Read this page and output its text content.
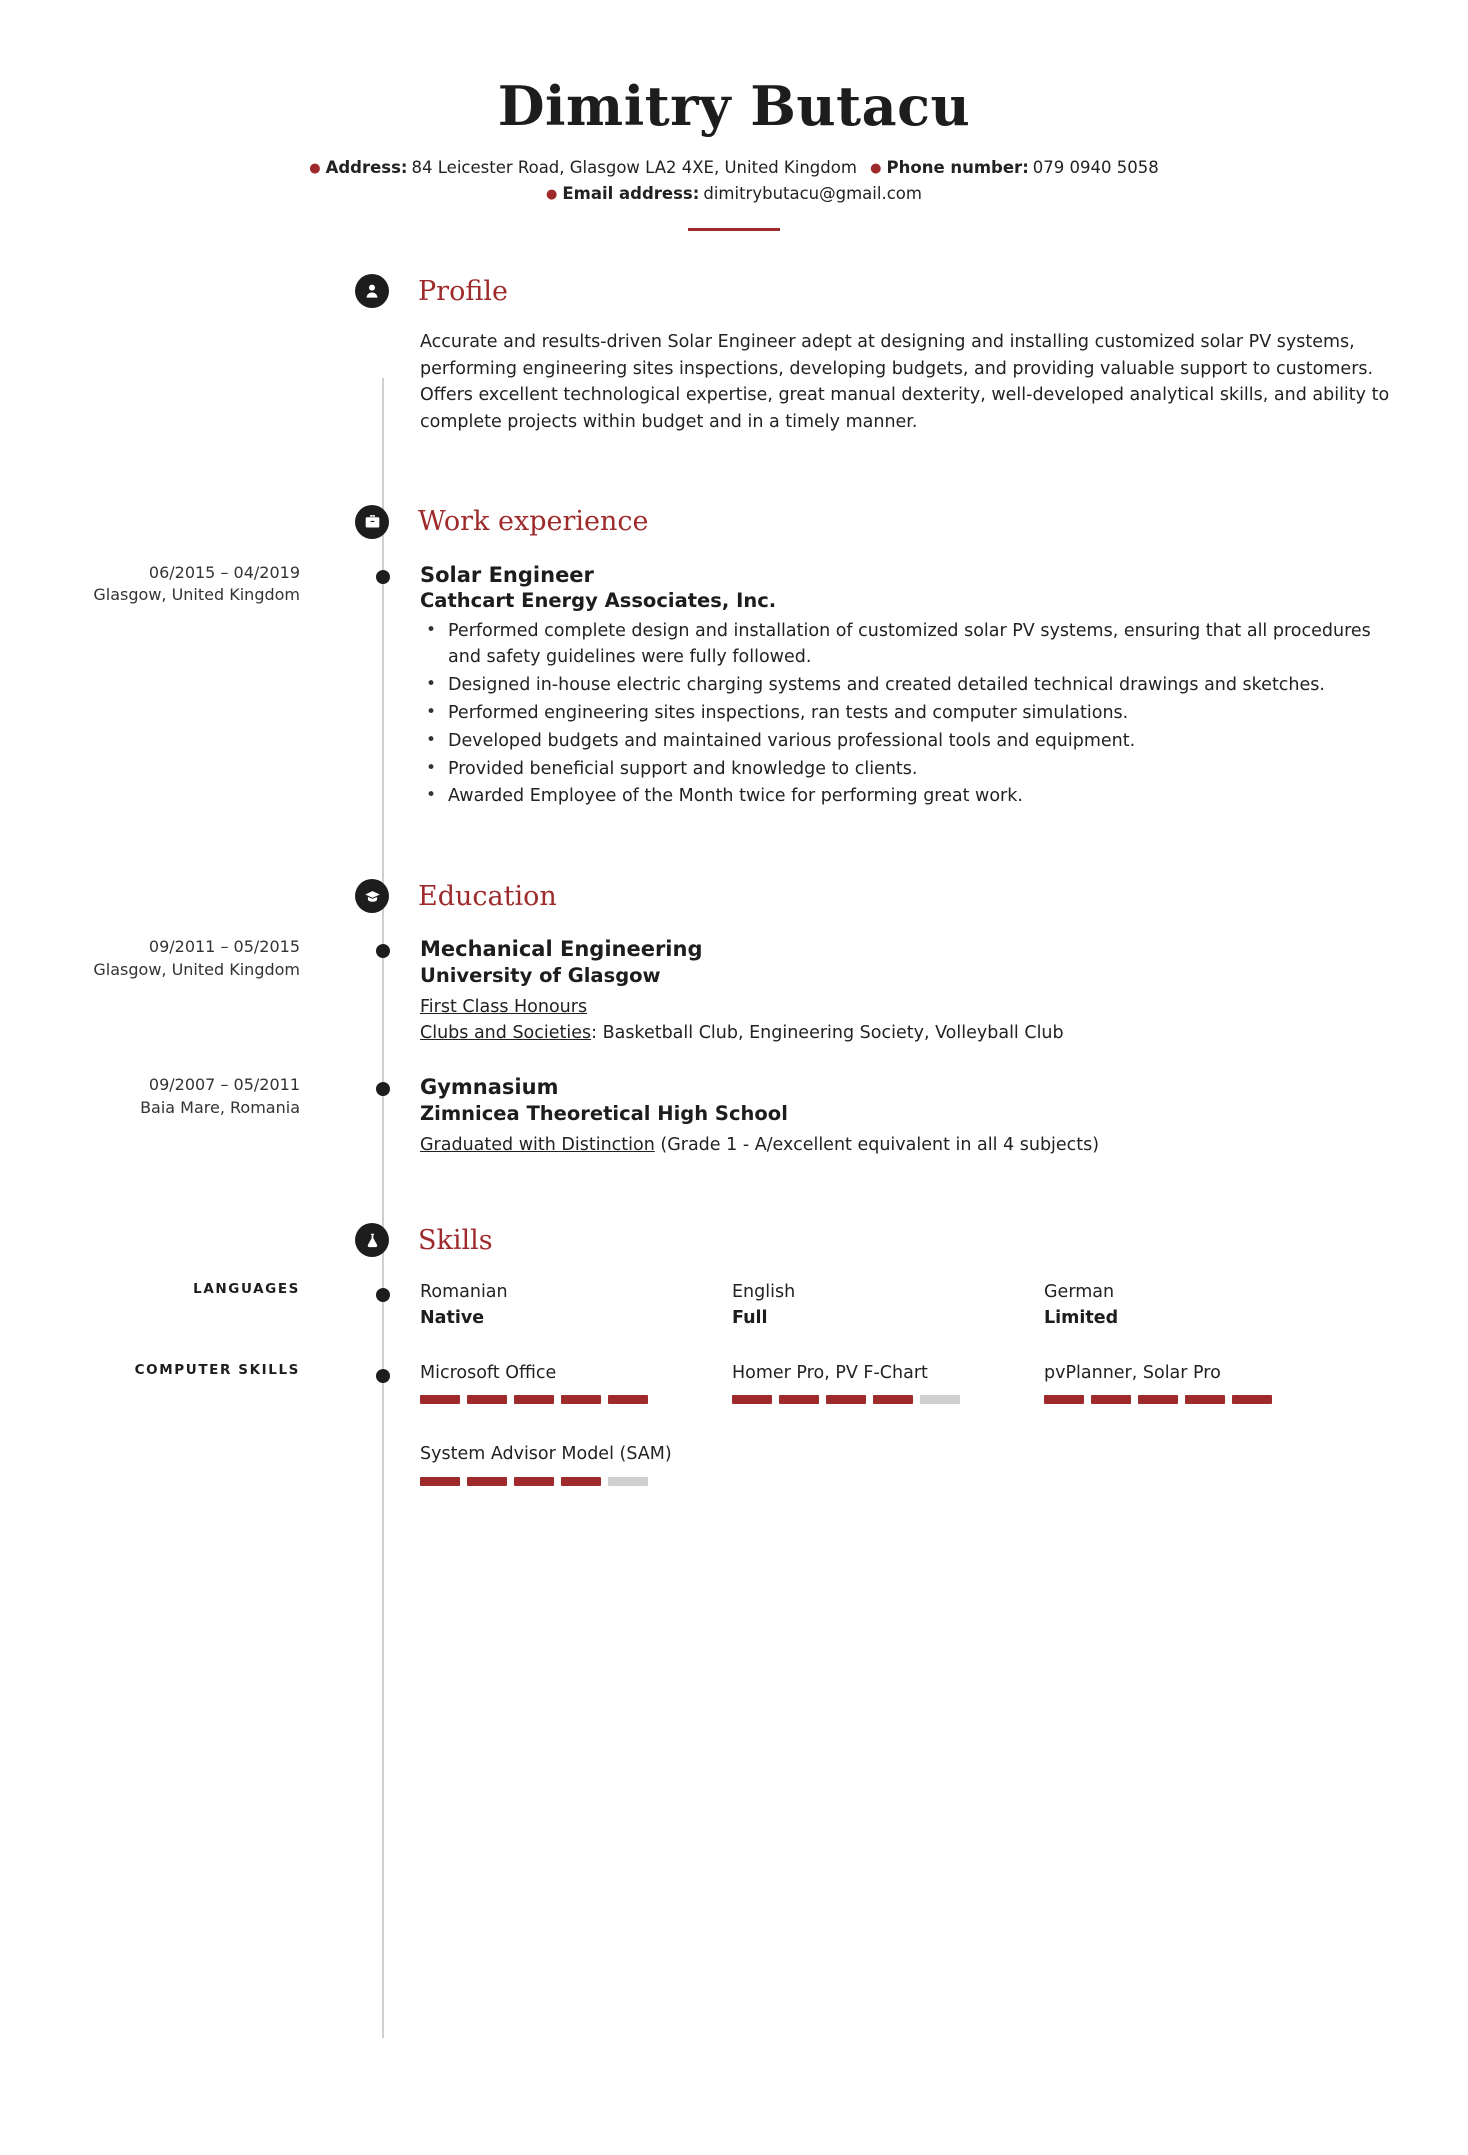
Dimitry Butacu
● Address: 84 Leicester Road, Glasgow LA2 4XE, United Kingdom ● Phone number: 079 0940 5058
● Email address: dimitrybutacu@gmail.com
Profile
Accurate and results-driven Solar Engineer adept at designing and installing customized solar PV systems, performing engineering sites inspections, developing budgets, and providing valuable support to customers. Offers excellent technological expertise, great manual dexterity, well-developed analytical skills, and ability to complete projects within budget and in a timely manner.
Work experience
06/2015 – 04/2019
Glasgow, United Kingdom
Solar Engineer
Cathcart Energy Associates, Inc.
• Performed complete design and installation of customized solar PV systems, ensuring that all procedures and safety guidelines were fully followed.
• Designed in-house electric charging systems and created detailed technical drawings and sketches.
• Performed engineering sites inspections, ran tests and computer simulations.
• Developed budgets and maintained various professional tools and equipment.
• Provided beneficial support and knowledge to clients.
• Awarded Employee of the Month twice for performing great work.
Education
09/2011 – 05/2015
Glasgow, United Kingdom
Mechanical Engineering
University of Glasgow
First Class Honours
Clubs and Societies: Basketball Club, Engineering Society, Volleyball Club
09/2007 – 05/2011
Baia Mare, Romania
Gymnasium
Zimnicea Theoretical High School
Graduated with Distinction (Grade 1 - A/excellent equivalent in all 4 subjects)
Skills
LANGUAGES	Romanian
Native
English
Full
German
Limited
COMPUTER SKILLS	Microsoft Office	Homer Pro, PV F-Chart	pvPlanner, Solar Pro
System Advisor Model (SAM)
